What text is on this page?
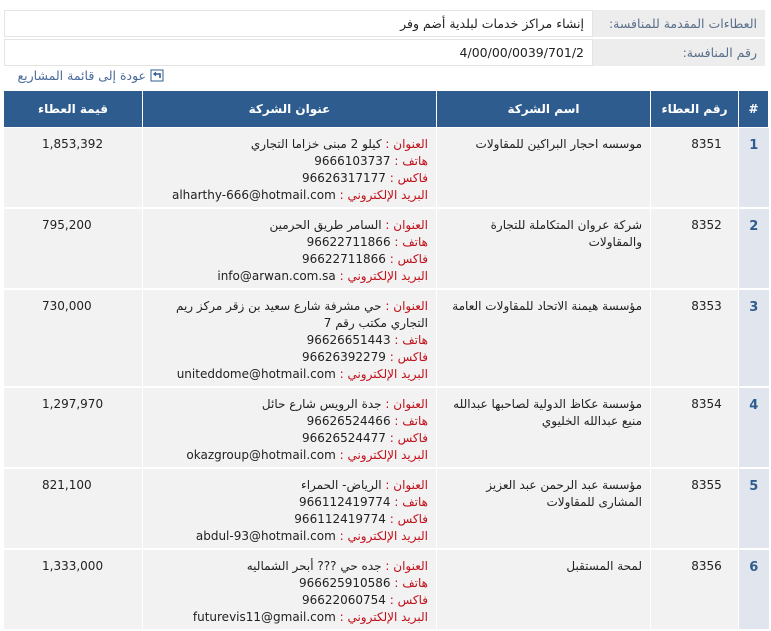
العطاءات المقدمة للمنافسة:	إنشاء مراكز خدمات لبلدية أضم وفر
رقم المنافسة:	4/00/00/0039/701/2
عودة إلى قائمة المشاريع
#	رقم العطاء	اسم الشركة	عنوان الشركة	قيمة العطاء
1	8351	موسسه احجار البراكين للمقاولات	العنوان : كيلو 2 مبنى خزاما التجاري
هاتف : 9666103737
فاكس : 96626317177
البريد الإلكتروني : alharthy-666@hotmail.com	1,853,392
2	8352	شركة عروان المتكاملة للتجارة والمقاولات	العنوان : السامر طريق الحرمين
هاتف : 96622711866
فاكس : 96622711866
البريد الإلكتروني : info@arwan.com.sa	795,200
3	8353	مؤسسة هيمنة الاتحاد للمقاولات العامة	العنوان : حي مشرفة شارع سعيد بن زقر مركز ريم التجاري مكتب رقم 7
هاتف : 96626651443
فاكس : 96626392279
البريد الإلكتروني : uniteddome@hotmail.com	730,000
4	8354	مؤسسة عكاظ الدولية لصاحبها عبدالله منيع عبدالله الخليوي	العنوان : جدة الرويس شارع حائل
هاتف : 96626524466
فاكس : 96626524477
البريد الإلكتروني : okazgroup@hotmail.com	1,297,970
5	8355	مؤسسة عبد الرحمن عبد العزيز المشارى للمقاولات	العنوان : الرياض- الحمراء
هاتف : 966112419774
فاكس : 966112419774
البريد الإلكتروني : abdul-93@hotmail.com	821,100
6	8356	لمحة المستقبل	العنوان : جده حي ??? أبحر الشماليه
هاتف : 966625910586
فاكس : 96622060754
البريد الإلكتروني : futurevis11@gmail.com	1,333,000
